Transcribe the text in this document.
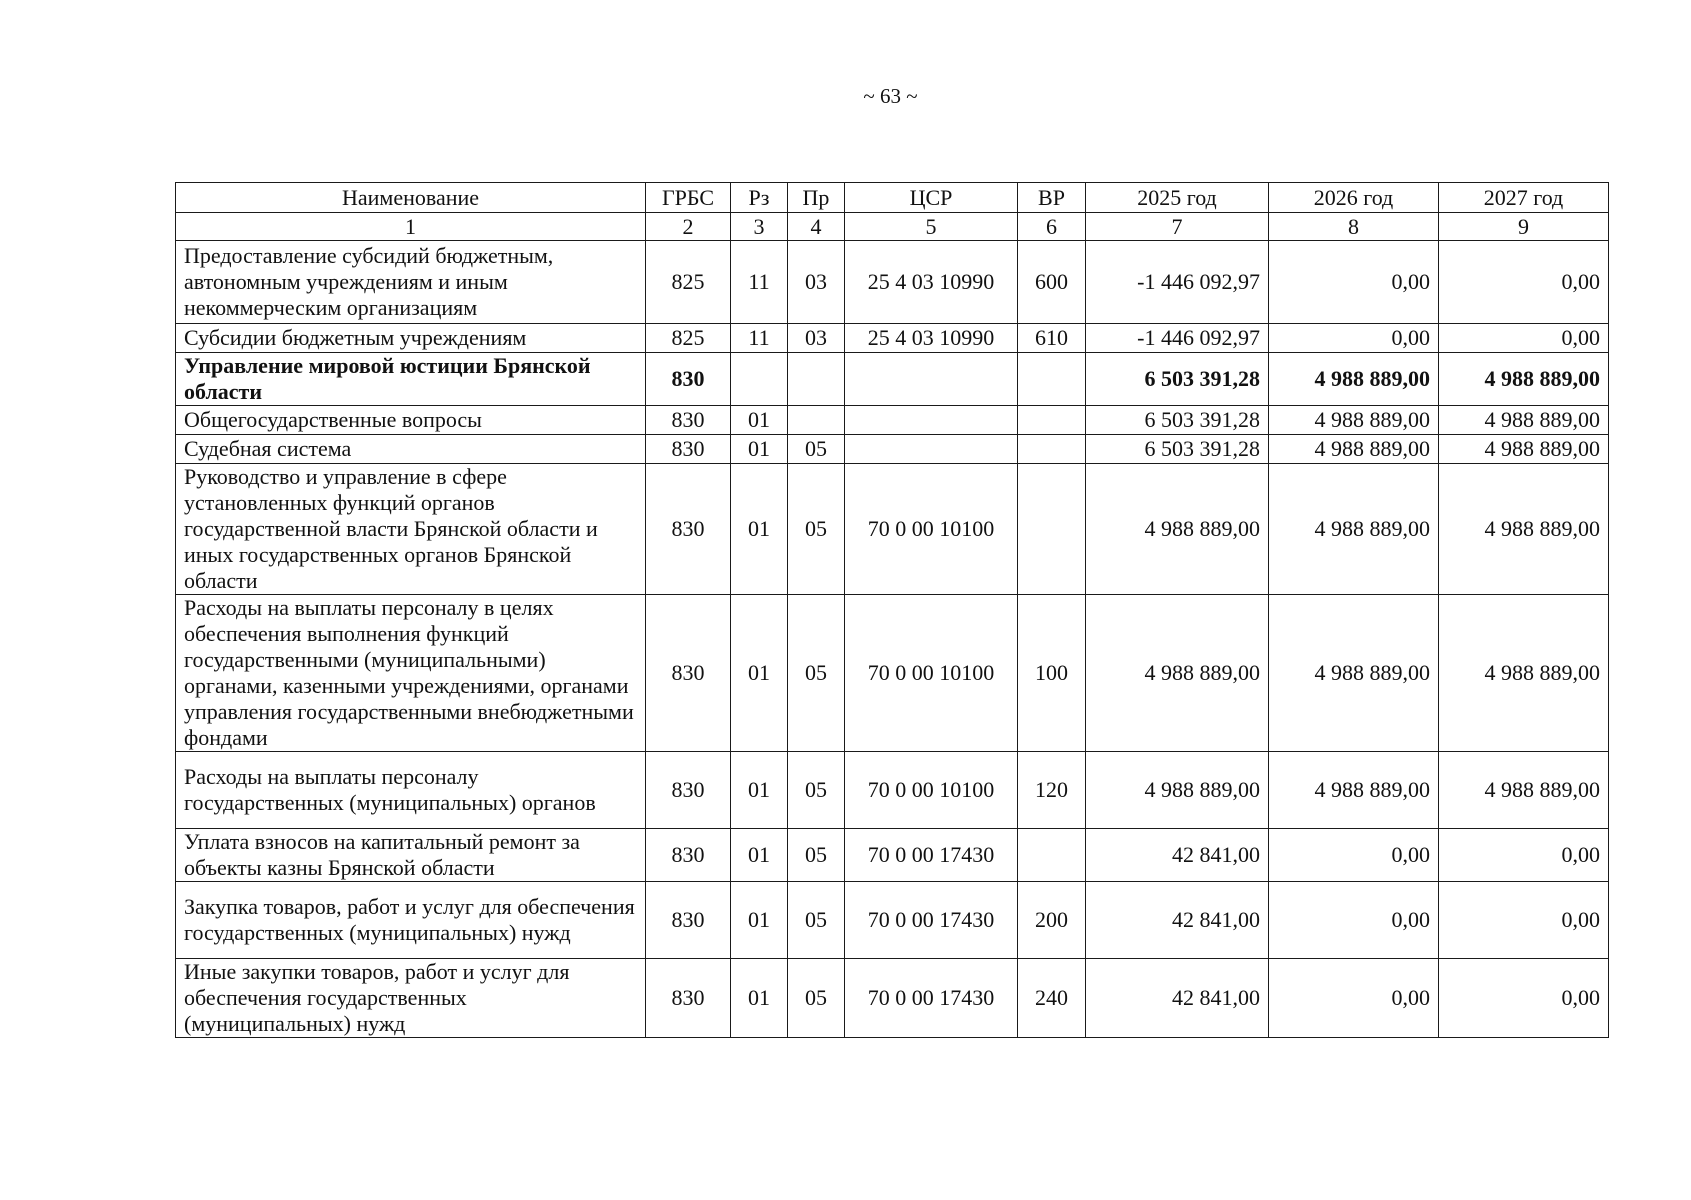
~ 63 ~
Наименование	ГРБС	Рз	Пр	ЦСР	ВР	2025 год	2026 год	2027 год
1	2	3	4	5	6	7	8	9
Предоставление субсидий бюджетным, автономным учреждениям и иным некоммерческим организациям	825	11	03	25 4 03 10990	600	-1 446 092,97	0,00	0,00
Субсидии бюджетным учреждениям	825	11	03	25 4 03 10990	610	-1 446 092,97	0,00	0,00
Управление мировой юстиции Брянской области	830					6 503 391,28	4 988 889,00	4 988 889,00
Общегосударственные вопросы	830	01				6 503 391,28	4 988 889,00	4 988 889,00
Судебная система	830	01	05			6 503 391,28	4 988 889,00	4 988 889,00
Руководство и управление в сфере установленных функций органов государственной власти Брянской области и иных государственных органов Брянской области	830	01	05	70 0 00 10100		4 988 889,00	4 988 889,00	4 988 889,00
Расходы на выплаты персоналу в целях обеспечения выполнения функций государственными (муниципальными) органами, казенными учреждениями, органами управления государственными внебюджетными фондами	830	01	05	70 0 00 10100	100	4 988 889,00	4 988 889,00	4 988 889,00
Расходы на выплаты персоналу государственных (муниципальных) органов	830	01	05	70 0 00 10100	120	4 988 889,00	4 988 889,00	4 988 889,00
Уплата взносов на капитальный ремонт за объекты казны Брянской области	830	01	05	70 0 00 17430		42 841,00	0,00	0,00
Закупка товаров, работ и услуг для обеспечения государственных (муниципальных) нужд	830	01	05	70 0 00 17430	200	42 841,00	0,00	0,00
Иные закупки товаров, работ и услуг для обеспечения государственных (муниципальных) нужд	830	01	05	70 0 00 17430	240	42 841,00	0,00	0,00
